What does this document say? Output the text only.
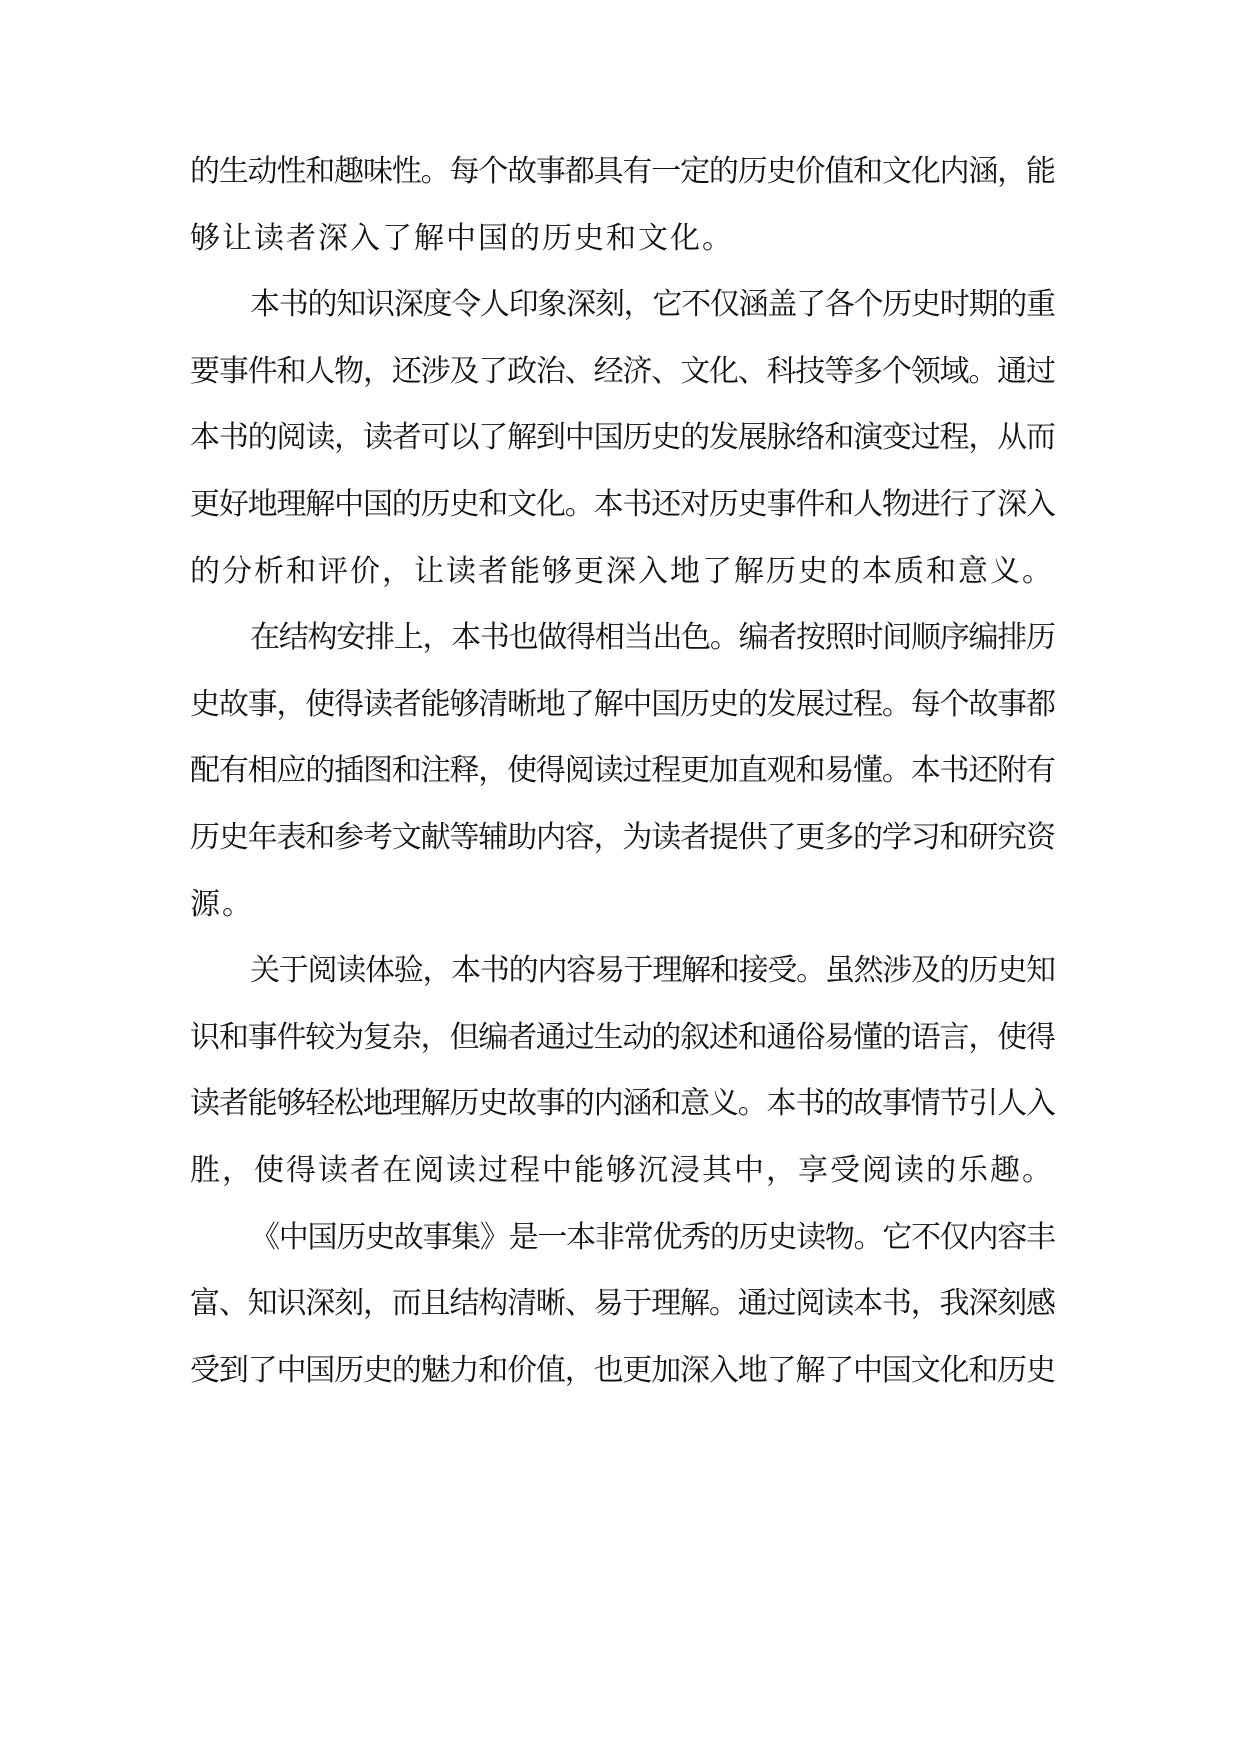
的生动性和趣味性。每个故事都具有一定的历史价值和文化内涵，能
够让读者深入了解中国的历史和文化。
本书的知识深度令人印象深刻，它不仅涵盖了各个历史时期的重
要事件和人物，还涉及了政治、经济、文化、科技等多个领域。通过
本书的阅读，读者可以了解到中国历史的发展脉络和演变过程，从而
更好地理解中国的历史和文化。本书还对历史事件和人物进行了深入
的分析和评价，让读者能够更深入地了解历史的本质和意义。
在结构安排上，本书也做得相当出色。编者按照时间顺序编排历
史故事，使得读者能够清晰地了解中国历史的发展过程。每个故事都
配有相应的插图和注释，使得阅读过程更加直观和易懂。本书还附有
历史年表和参考文献等辅助内容，为读者提供了更多的学习和研究资
源。
关于阅读体验，本书的内容易于理解和接受。虽然涉及的历史知
识和事件较为复杂，但编者通过生动的叙述和通俗易懂的语言，使得
读者能够轻松地理解历史故事的内涵和意义。本书的故事情节引人入
胜，使得读者在阅读过程中能够沉浸其中，享受阅读的乐趣。
《中国历史故事集》是一本非常优秀的历史读物。它不仅内容丰
富、知识深刻，而且结构清晰、易于理解。通过阅读本书，我深刻感
受到了中国历史的魅力和价值，也更加深入地了解了中国文化和历史
